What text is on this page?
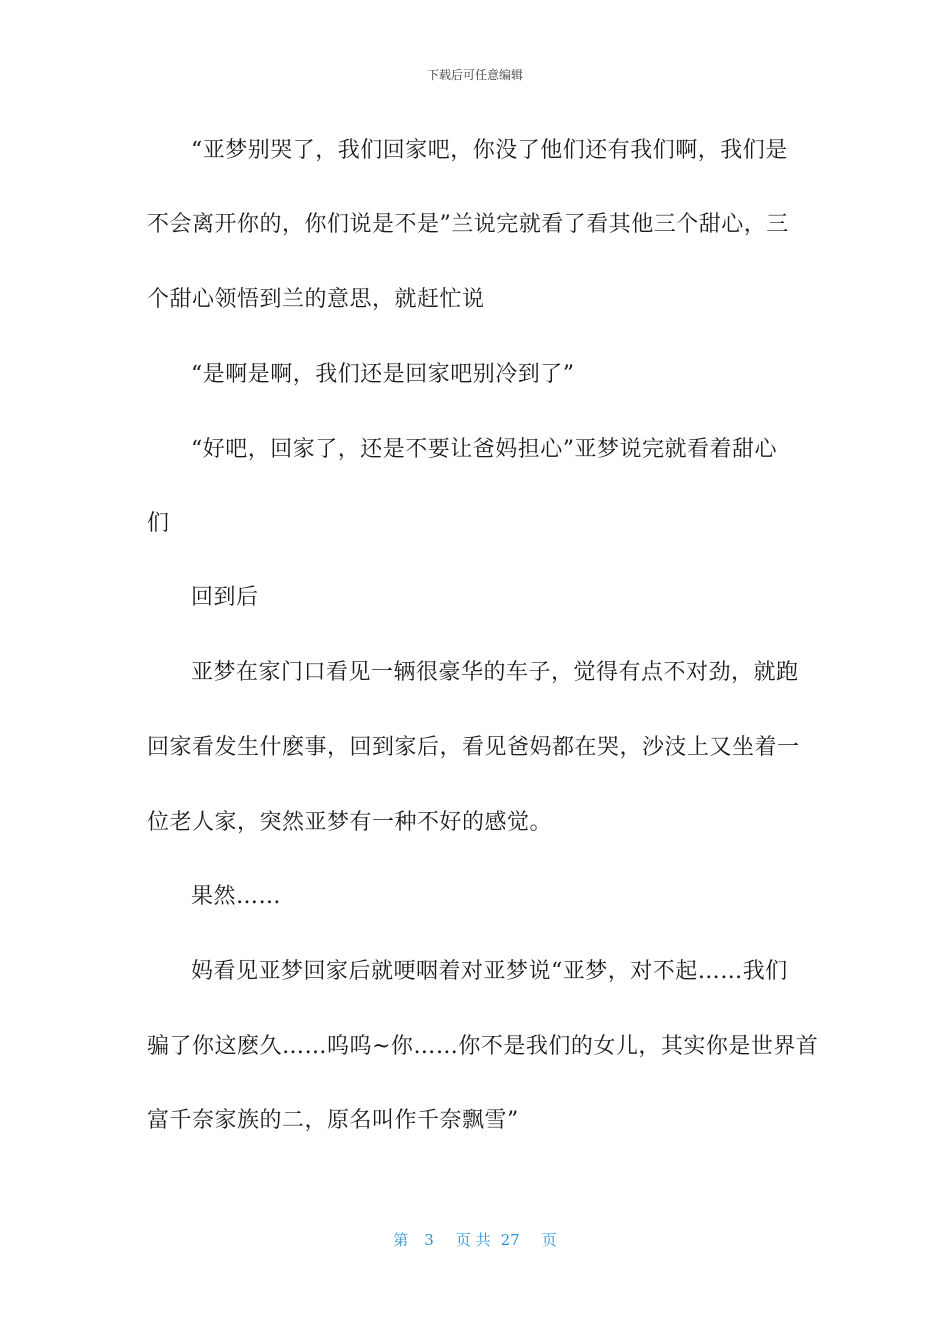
下载后可任意编辑
“亚梦别哭了，我们回家吧，你没了他们还有我们啊，我们是
不会离开你的，你们说是不是”兰说完就看了看其他三个甜心，三
个甜心领悟到兰的意思，就赶忙说
“是啊是啊，我们还是回家吧别冷到了”
“好吧，回家了，还是不要让爸妈担心”亚梦说完就看着甜心
们
回到后
亚梦在家门口看见一辆很豪华的车子，觉得有点不对劲，就跑
回家看发生什麽事，回到家后，看见爸妈都在哭，沙汥上又坐着一
位老人家，突然亚梦有一种不好的感觉。
果然……
妈看见亚梦回家后就哽咽着对亚梦说“亚梦，对不起……我们
骗了你这麽久……呜呜~你……你不是我们的女儿，其实你是世界首
富千奈家族的二，原名叫作千奈飘雪”
第 3 页 共 27 页
